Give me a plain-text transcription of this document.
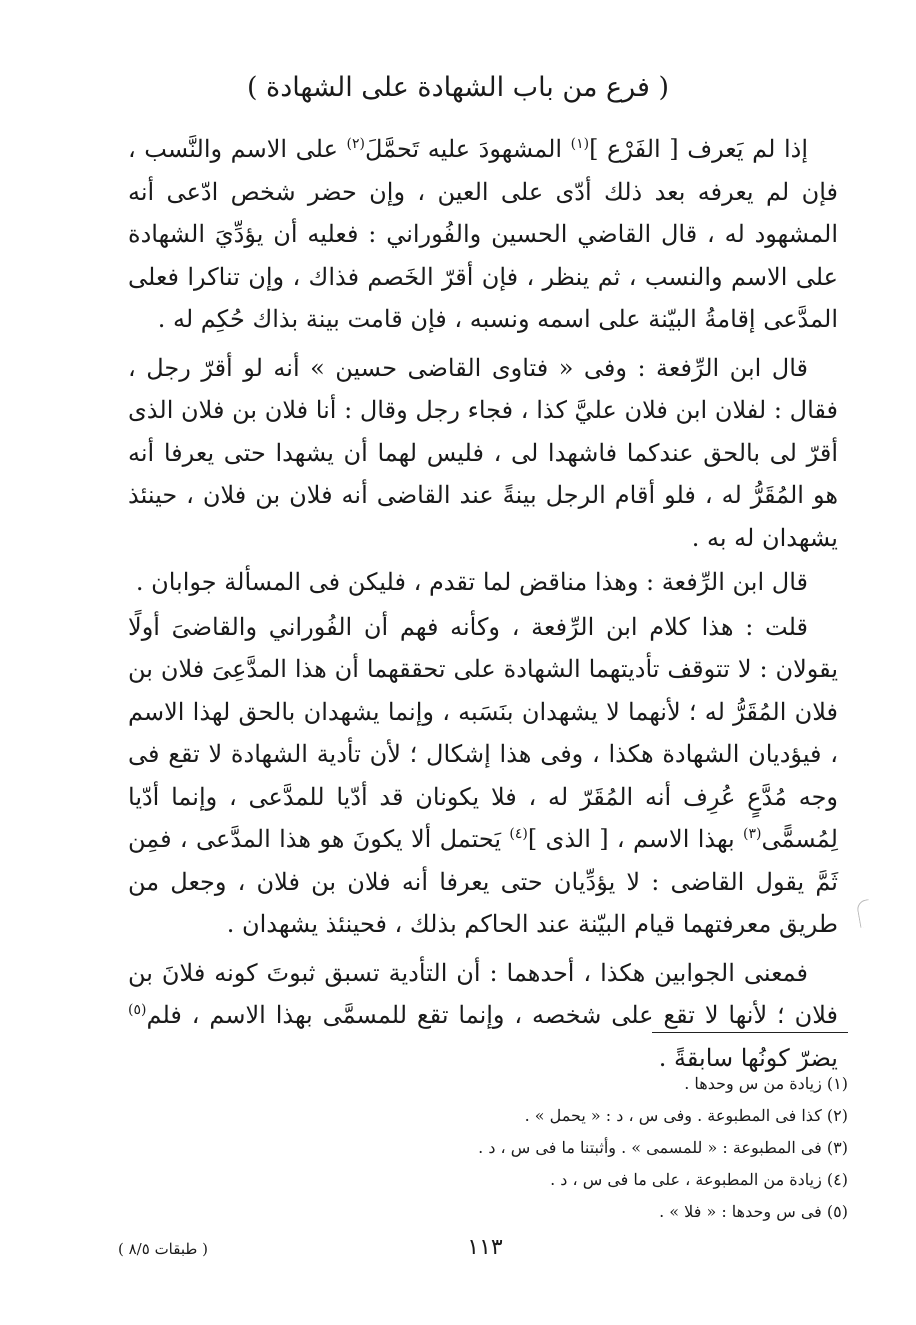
( فرع من باب الشهادة على الشهادة )

إذا لم يَعرف [ الفَرْع ]$^{(١)}$ المشهودَ عليه تَحمَّلَ$^{(٢)}$ على الاسم والنَّسب ، فإن لم يعرفه بعد ذلك أدّى على العين ، وإن حضر شخص ادّعى أنه المشهود له ، قال القاضي الحسين والفُوراني : فعليه أن يؤدِّيَ الشهادة على الاسم والنسب ، ثم ينظر ، فإن أقرّ الخَصم فذاك ، وإن تناكرا فعلى المدَّعى إقامةُ البيّنة على اسمه ونسبه ، فإن قامت بينة بذاك حُكِم له .

قال ابن الرِّفعة : وفى « فتاوى القاضى حسين » أنه لو أقرّ رجل ، فقال : لفلان ابن فلان عليَّ كذا ، فجاء رجل وقال : أنا فلان بن فلان الذى أقرّ لى بالحق عندكما فاشهدا لى ، فليس لهما أن يشهدا حتى يعرفا أنه هو المُقَرُّ له ، فلو أقام الرجل بينةً عند القاضى أنه فلان بن فلان ، حينئذ يشهدان له به .

قال ابن الرِّفعة : وهذا مناقض لما تقدم ، فليكن فى المسألة جوابان .

قلت : هذا كلام ابن الرِّفعة ، وكأنه فهم أن الفُوراني والقاضىَ أولًا يقولان : لا تتوقف تأديتهما الشهادة على تحققهما أن هذا المدَّعِىَ فلان بن فلان المُقَرُّ له ؛ لأنهما لا يشهدان بنَسَبه ، وإنما يشهدان بالحق لهذا الاسم ، فيؤديان الشهادة هكذا ، وفى هذا إشكال ؛ لأن تأدية الشهادة لا تقع فى وجه مُدَّعٍ عُرِف أنه المُقَرّ له ، فلا يكونان قد أدّيا للمدَّعى ، وإنما أدّيا لِمُسمًّى$^{(٣)}$ بهذا الاسم ، [ الذى ]$^{(٤)}$ يَحتمل ألا يكونَ هو هذا المدَّعى ، فمِن ثَمَّ يقول القاضى : لا يؤدِّيان حتى يعرفا أنه فلان بن فلان ، وجعل من طريق معرفتهما قيام البيّنة عند الحاكم بذلك ، فحينئذ يشهدان .

فمعنى الجوابين هكذا ، أحدهما : أن التأدية تسبق ثبوتَ كونه فلانَ بن فلان ؛ لأنها لا تقع على شخصه ، وإنما تقع للمسمَّى بهذا الاسم ، فلم$^{(٥)}$ يضرّ كونُها سابقةً .

(١) زيادة من س وحدها .
(٢) كذا فى المطبوعة . وفى س ، د : « يحمل » .
(٣) فى المطبوعة : « للمسمى » . وأثبتنا ما فى س ، د .
(٤) زيادة من المطبوعة ، على ما فى س ، د .
(٥) فى س وحدها : « فلا » .
١١٣
( طبقات ٨/٥ )
